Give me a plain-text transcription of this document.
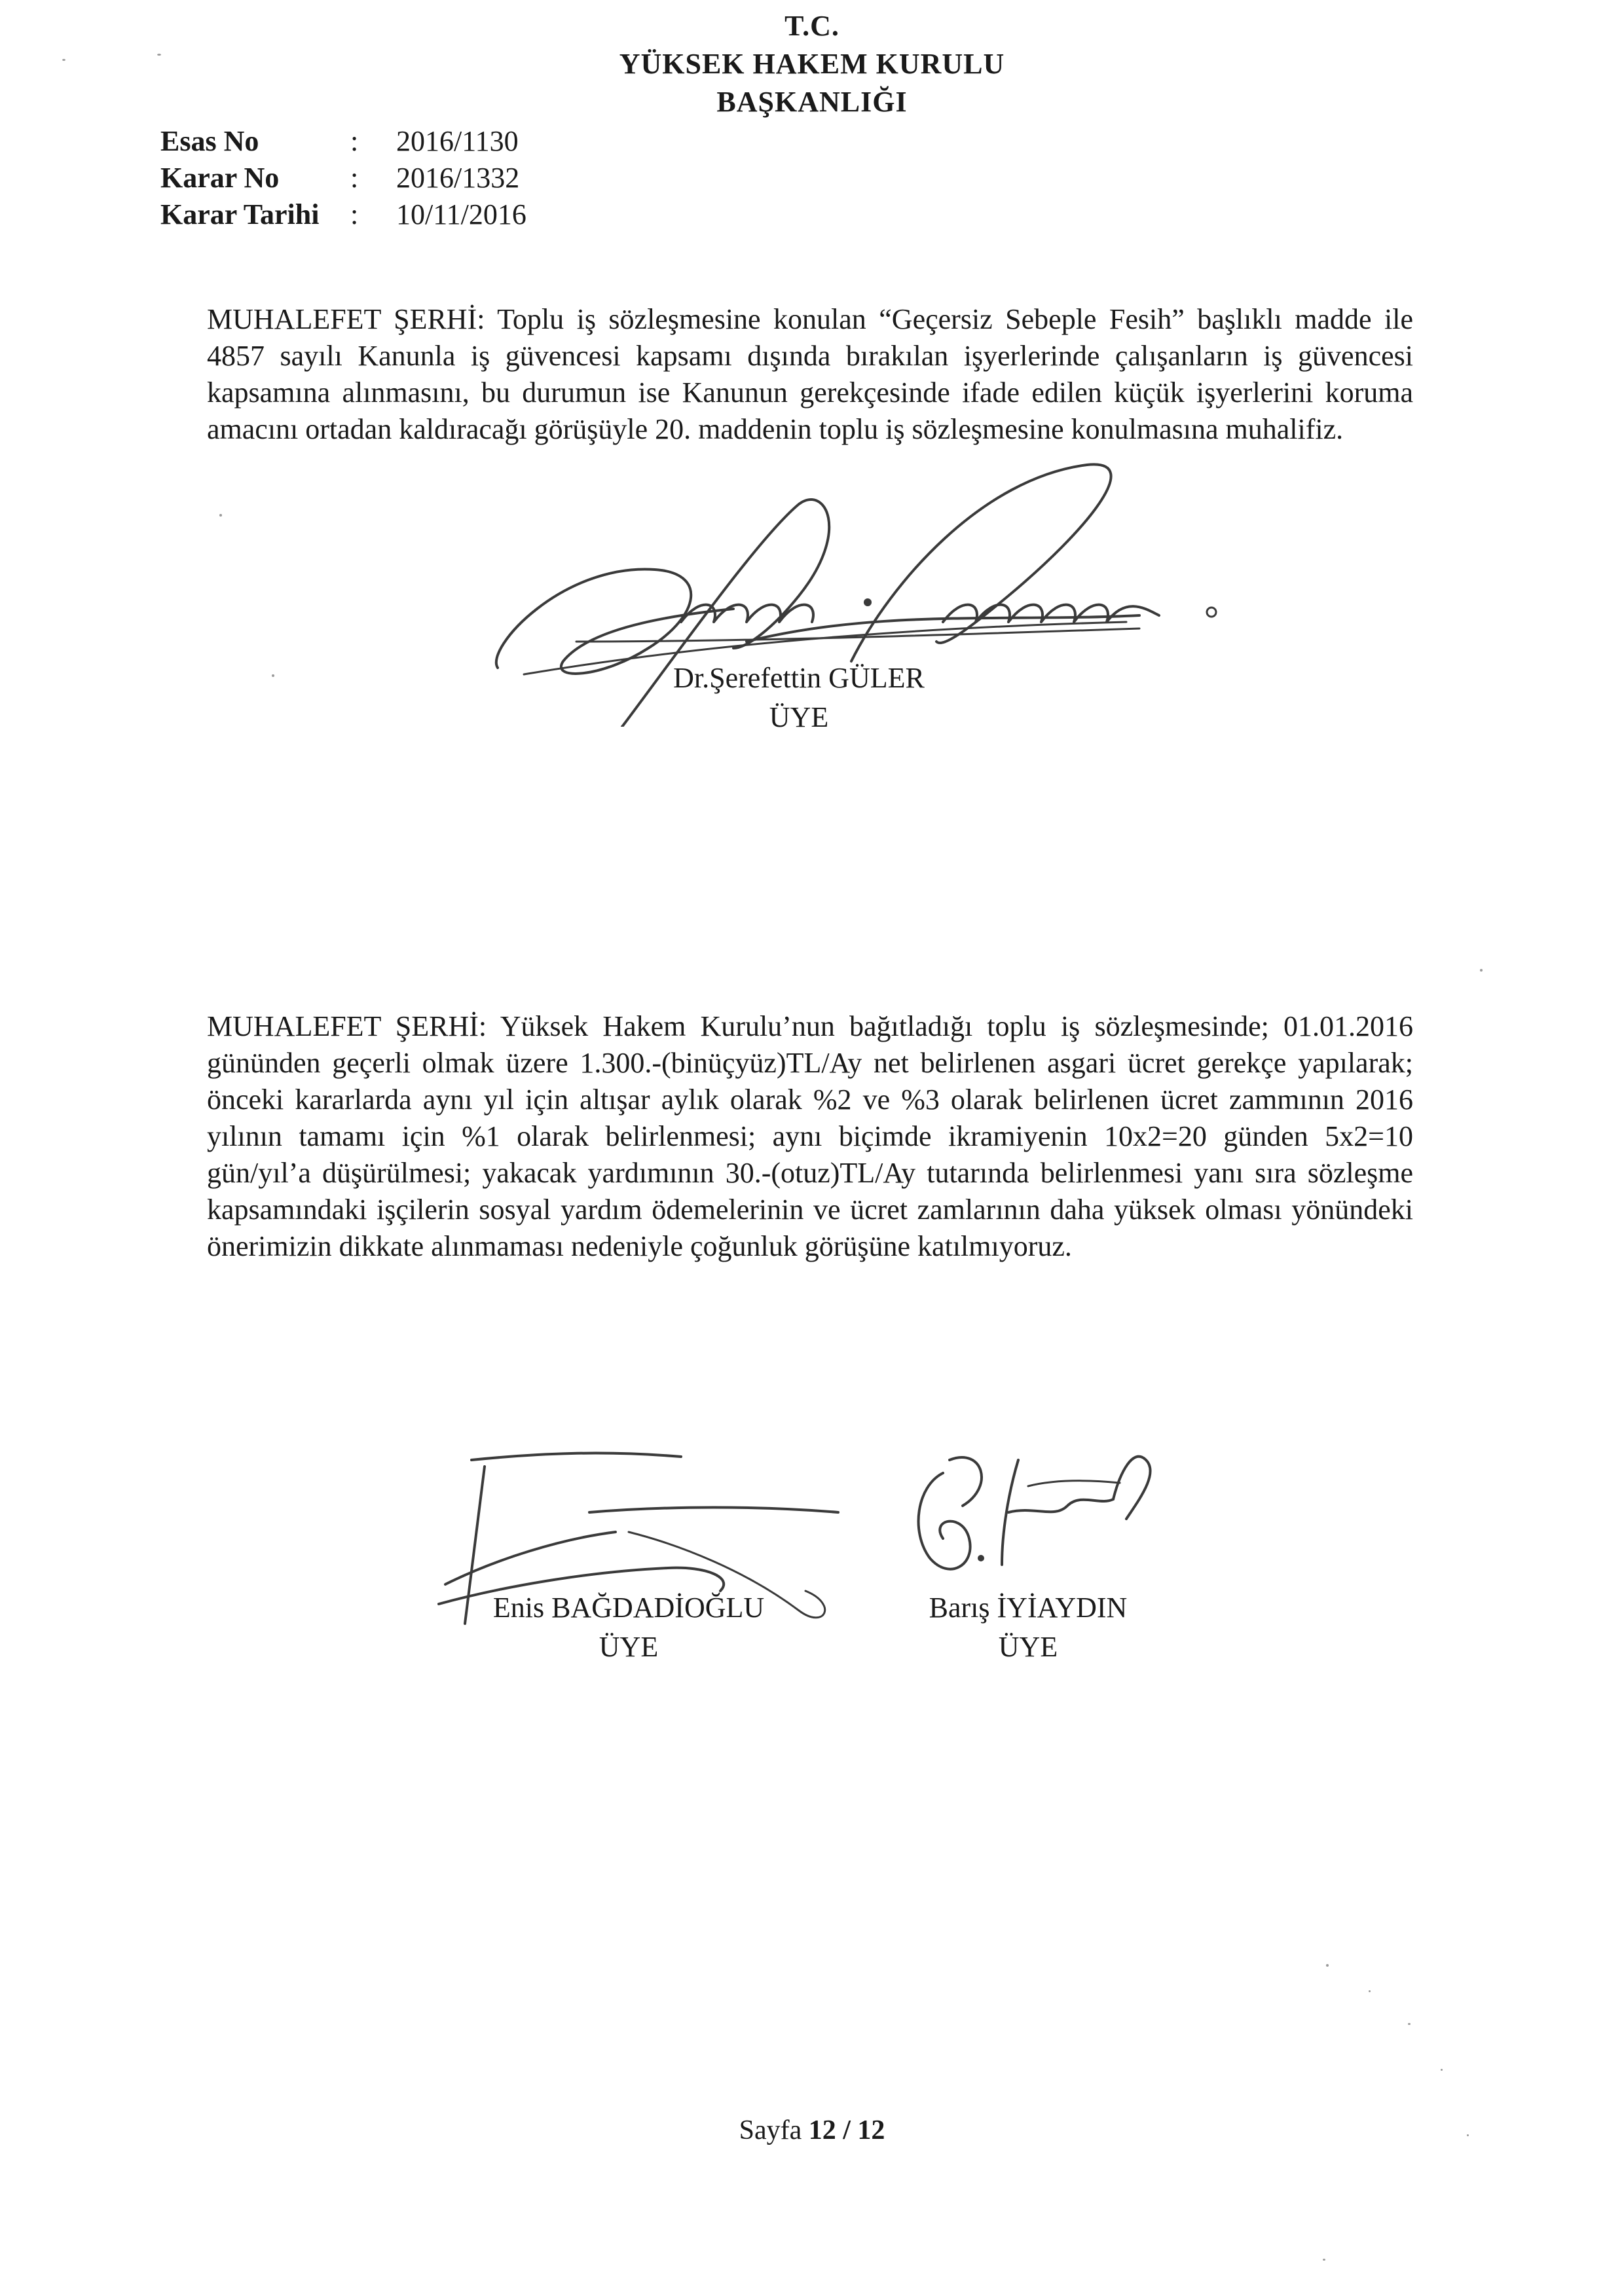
T.C.
YÜKSEK HAKEM KURULU
BAŞKANLIĞI
Esas No	: 2016/1130
Karar No : 2016/1332
Karar Tarihi : 10/11/2016
MUHALEFET ŞERHİ: Toplu iş sözleşmesine konulan “Geçersiz Sebeple Fesih” başlıklı madde ile 4857 sayılı Kanunla iş güvencesi kapsamı dışında bırakılan işyerlerinde çalışanların iş güvencesi kapsamına alınmasını, bu durumun ise Kanunun gerekçesinde ifade edilen küçük işyerlerini koruma amacını ortadan kaldıracağı görüşüyle 20. maddenin toplu iş sözleşmesine konulmasına muhalifiz.
Dr.Şerefettin GÜLER
ÜYE
MUHALEFET ŞERHİ: Yüksek Hakem Kurulu’nun bağıtladığı toplu iş sözleşmesinde; 01.01.2016 gününden geçerli olmak üzere 1.300.-(binüçyüz)TL/Ay net belirlenen asgari ücret gerekçe yapılarak; önceki kararlarda aynı yıl için altışar aylık olarak %2 ve %3 olarak belirlenen ücret zammının 2016 yılının tamamı için %1 olarak belirlenmesi; aynı biçimde ikramiyenin 10x2=20 günden 5x2=10 gün/yıl’a düşürülmesi; yakacak yardımının 30.-(otuz)TL/Ay tutarında belirlenmesi yanı sıra sözleşme kapsamındaki işçilerin sosyal yardım ödemelerinin ve ücret zamlarının daha yüksek olması yönündeki önerimizin dikkate alınmaması nedeniyle çoğunluk görüşüne katılmıyoruz.
Enis BAĞDADİOĞLU
ÜYE
Barış İYİAYDIN
ÜYE
Sayfa 12 / 12
